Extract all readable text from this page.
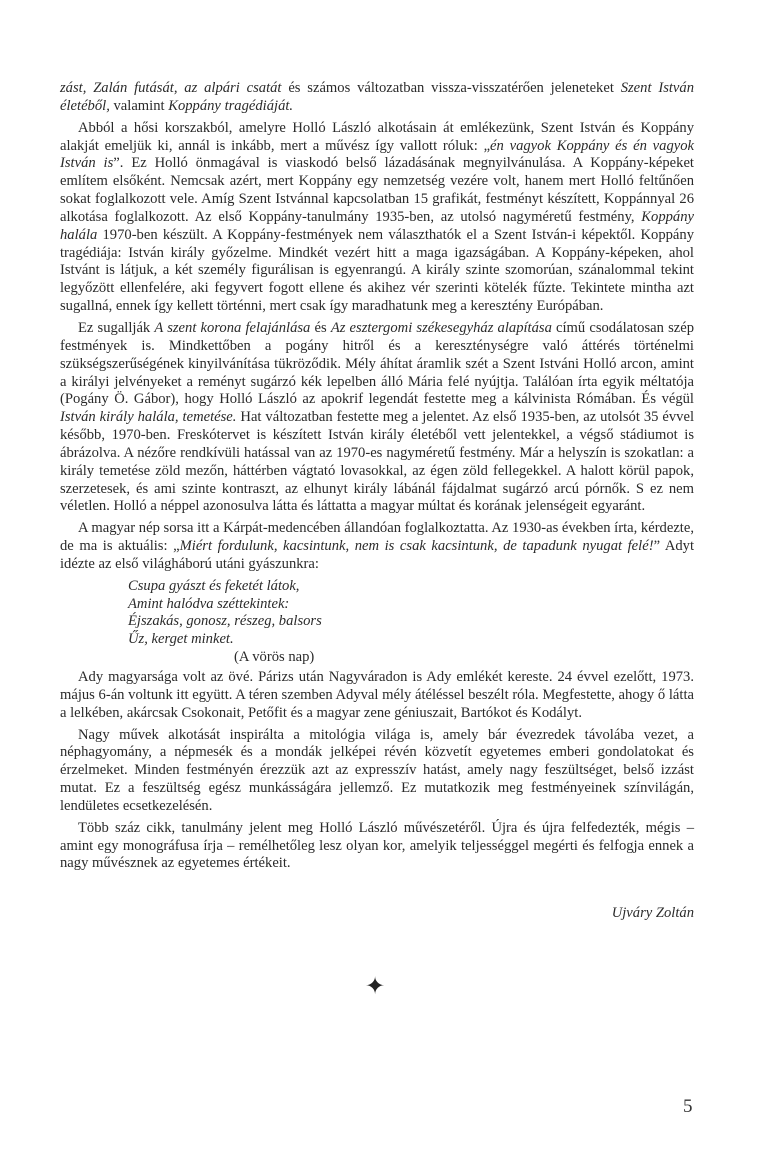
zást, Zalán futását, az alpári csatát és számos változatban vissza-visszatérően jeleneteket Szent István életéből, valamint Koppány tragédiáját.

Abból a hősi korszakból, amelyre Holló László alkotásain át emlékezünk, Szent István és Koppány alakját emeljük ki, annál is inkább, mert a művész így vallott róluk: „én vagyok Koppány és én vagyok István is”. Ez Holló önmagával is viaskodó belső lázadásának megnyilvánulása. A Koppány-képeket említem elsőként. Nemcsak azért, mert Koppány egy nemzetség vezére volt, hanem mert Holló feltűnően sokat foglalkozott vele. Amíg Szent Istvánnal kapcsolatban 15 grafikát, festményt készített, Koppánnyal 26 alkotása foglalkozott. Az első Koppány-tanulmány 1935-ben, az utolsó nagyméretű festmény, Koppány halála 1970-ben készült. A Koppány-festmények nem választhatók el a Szent István-i képektől. Koppány tragédiája: István király győzelme. Mindkét vezért hitt a maga igazságában. A Koppány-képeken, ahol Istvánt is látjuk, a két személy figurálisan is egyenrangú. A király szinte szomorúan, szánalommal tekint legyőzött ellenfelére, aki fegyvert fogott ellene és akihez vér szerinti kötelék fűzte. Tekintete mintha azt sugallná, ennek így kellett történni, mert csak így maradhatunk meg a keresztény Európában.

Ez sugallják A szent korona felajánlása és Az esztergomi székesegyház alapítása című csodálatosan szép festmények is. Mindkettőben a pogány hitről és a kereszténységre való áttérés történelmi szükségszerűségének kinyilvánítása tükröződik. Mély áhítat áramlik szét a Szent Istváni Holló arcon, amint a királyi jelvényeket a reményt sugárzó kék lepelben álló Mária felé nyújtja. Találóan írta egyik méltatója (Pogány Ö. Gábor), hogy Holló László az apokrif legendát festette meg a kálvinista Rómában. És végül István király halála, temetése. Hat változatban festette meg a jelentet. Az első 1935-ben, az utolsót 35 évvel később, 1970-ben. Freskótervet is készített István király életéből vett jelentekkel, a végső stádiumot is ábrázolva. A nézőre rendkívüli hatással van az 1970-es nagyméretű festmény. Már a helyszín is szokatlan: a király temetése zöld mezőn, háttérben vágtató lovasokkal, az égen zöld fellegekkel. A halott körül papok, szerzetesek, és ami szinte kontraszt, az elhunyt király lábánál fájdalmat sugárzó arcú pórnők. S ez nem véletlen. Holló a néppel azonosulva látta és láttatta a magyar múltat és korának jelenségeit egyaránt.

A magyar nép sorsa itt a Kárpát-medencében állandóan foglalkoztatta. Az 1930-as években írta, kérdezte, de ma is aktuális: „Miért fordulunk, kacsintunk, nem is csak kacsintunk, de tapadunk nyugat felé!” Adyt idézte az első világháború utáni gyászunkra:

Csupa gyászt és feketét látok,
Amint halódva széttekintek:
Éjszakás, gonosz, részeg, balsors
Űz, kerget minket.
(A vörös nap)

Ady magyarsága volt az övé. Párizs után Nagyváradon is Ady emlékét kereste. 24 évvel ezelőtt, 1973. május 6-án voltunk itt együtt. A téren szemben Adyval mély átéléssel beszélt róla. Megfestette, ahogy ő látta a lelkében, akárcsak Csokonait, Petőfit és a magyar zene géniuszait, Bartókot és Kodályt.

Nagy művek alkotását inspirálta a mitológia világa is, amely bár évezredek távolába vezet, a néphagyomány, a népmesék és a mondák jelképei révén közvetít egyetemes emberi gondolatokat és érzelmeket. Minden festményén érezzük azt az expresszív hatást, amely nagy feszültséget, belső izzást mutat. Ez a feszültség egész munkásságára jellemző. Ez mutatkozik meg festményeinek színvilágán, lendületes ecsetkezelésén.

Több száz cikk, tanulmány jelent meg Holló László művészetéről. Újra és újra felfedezték, mégis – amint egy monográfusa írja – remélhetőleg lesz olyan kor, amelyik teljességgel megérti és felfogja ennek a nagy művésznek az egyetemes értékeit.

Ujváry Zoltán
✦
5
